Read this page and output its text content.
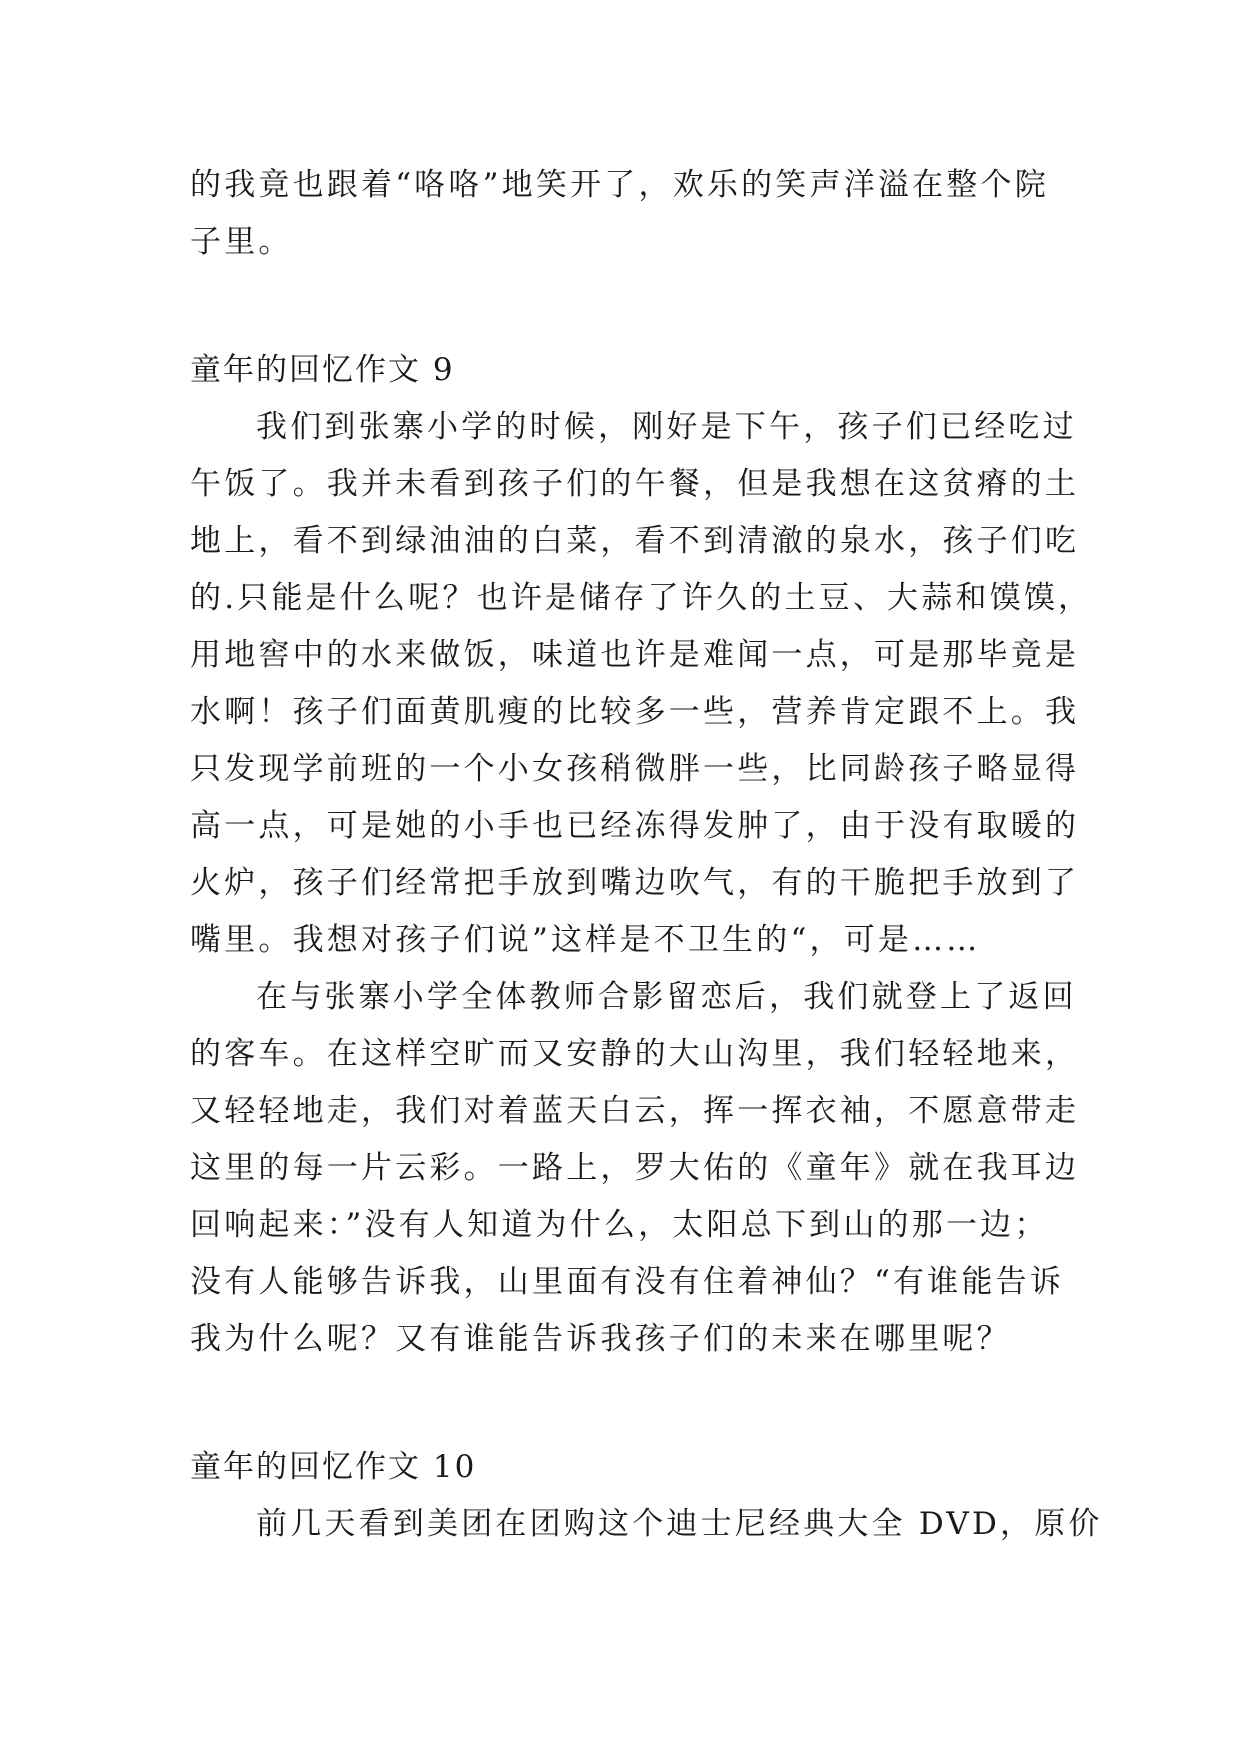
的我竟也跟着“咯咯”地笑开了，欢乐的笑声洋溢在整个院
子里。
童年的回忆作文 9
我们到张寨小学的时候，刚好是下午，孩子们已经吃过
午饭了。我并未看到孩子们的午餐，但是我想在这贫瘠的土
地上，看不到绿油油的白菜，看不到清澈的泉水，孩子们吃
的.只能是什么呢？也许是储存了许久的土豆、大蒜和馍馍，
用地窖中的水来做饭，味道也许是难闻一点，可是那毕竟是
水啊！孩子们面黄肌瘦的比较多一些，营养肯定跟不上。我
只发现学前班的一个小女孩稍微胖一些，比同龄孩子略显得
高一点，可是她的小手也已经冻得发肿了，由于没有取暖的
火炉，孩子们经常把手放到嘴边吹气，有的干脆把手放到了
嘴里。我想对孩子们说”这样是不卫生的“，可是……
在与张寨小学全体教师合影留恋后，我们就登上了返回
的客车。在这样空旷而又安静的大山沟里，我们轻轻地来，
又轻轻地走，我们对着蓝天白云，挥一挥衣袖，不愿意带走
这里的每一片云彩。一路上，罗大佑的《童年》就在我耳边
回响起来：”没有人知道为什么，太阳总下到山的那一边；
没有人能够告诉我，山里面有没有住着神仙？“有谁能告诉
我为什么呢？又有谁能告诉我孩子们的未来在哪里呢？
童年的回忆作文 10
前几天看到美团在团购这个迪士尼经典大全 DVD，原价
